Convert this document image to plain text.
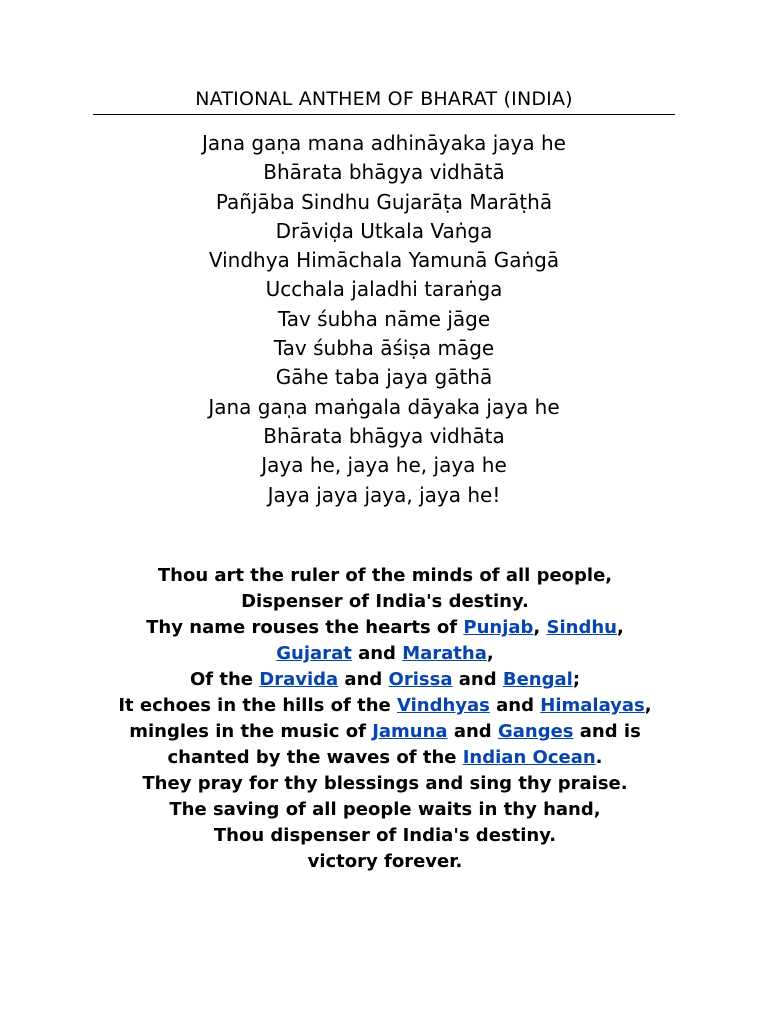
NATIONAL ANTHEM OF BHARAT (INDIA)
Jana gaṇa mana adhināyaka jaya he
Bhārata bhāgya vidhātā
Pañjāba Sindhu Gujarāṭa Marāṭhā
Drāviḍa Utkala Vaṅga
Vindhya Himāchala Yamunā Gaṅgā
Ucchala jaladhi taraṅga
Tav śubha nāme jāge
Tav śubha āśiṣa māge
Gāhe taba jaya gāthā
Jana gaṇa maṅgala dāyaka jaya he
Bhārata bhāgya vidhāta
Jaya he, jaya he, jaya he
Jaya jaya jaya, jaya he!
Thou art the ruler of the minds of all people,
Dispenser of India's destiny.
Thy name rouses the hearts of Punjab, Sindhu,
Gujarat and Maratha,
Of the Dravida and Orissa and Bengal;
It echoes in the hills of the Vindhyas and Himalayas,
mingles in the music of Jamuna and Ganges and is
chanted by the waves of the Indian Ocean.
They pray for thy blessings and sing thy praise.
The saving of all people waits in thy hand,
Thou dispenser of India's destiny.
victory forever.
